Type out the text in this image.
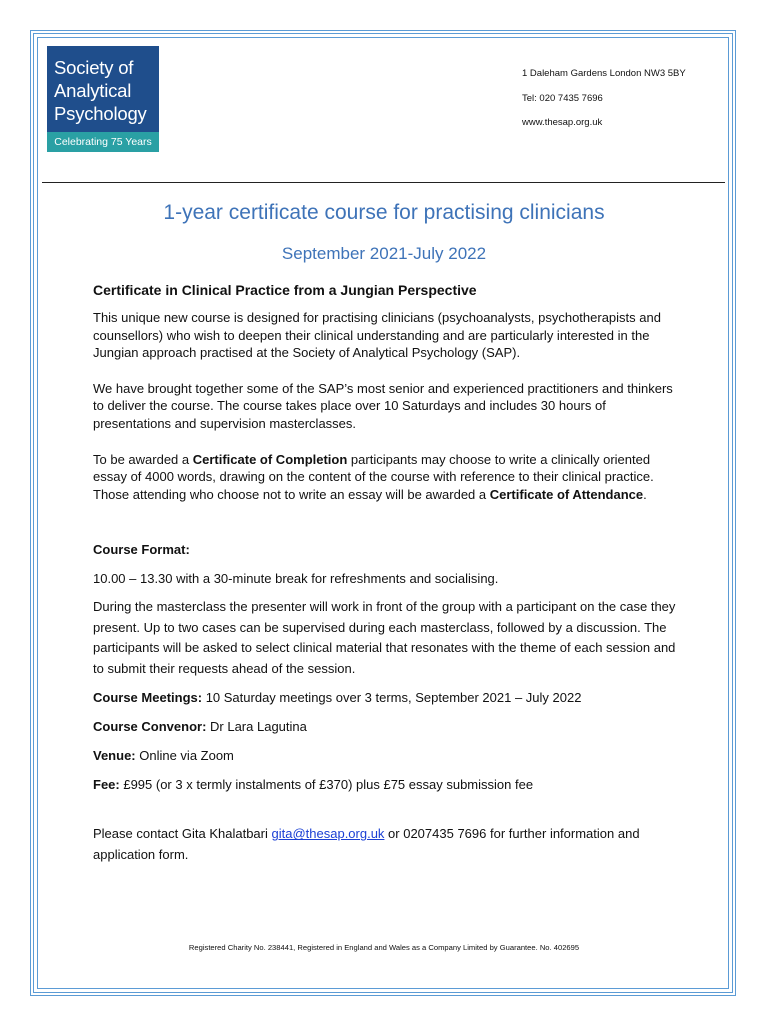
Society of
Analytical
Psychology
Celebrating 75 Years
1 Daleham Gardens London NW3 5BY
Tel: 020 7435 7696
www.thesap.org.uk
1-year certificate course for practising clinicians
September 2021-July 2022
Certificate in Clinical Practice from a Jungian Perspective

This unique new course is designed for practising clinicians (psychoanalysts, psychotherapists and counsellors) who wish to deepen their clinical understanding and are particularly interested in the Jungian approach practised at the Society of Analytical Psychology (SAP).

We have brought together some of the SAP’s most senior and experienced practitioners and thinkers to deliver the course. The course takes place over 10 Saturdays and includes 30 hours of presentations and supervision masterclasses.

To be awarded a Certificate of Completion participants may choose to write a clinically oriented essay of 4000 words, drawing on the content of the course with reference to their clinical practice. Those attending who choose not to write an essay will be awarded a Certificate of Attendance.

Course Format:

10.00 – 13.30 with a 30-minute break for refreshments and socialising.

During the masterclass the presenter will work in front of the group with a participant on the case they present. Up to two cases can be supervised during each masterclass, followed by a discussion. The participants will be asked to select clinical material that resonates with the theme of each session and to submit their requests ahead of the session.

Course Meetings: 10 Saturday meetings over 3 terms, September 2021 – July 2022

Course Convenor: Dr Lara Lagutina

Venue: Online via Zoom

Fee: £995 (or 3 x termly instalments of £370) plus £75 essay submission fee

Please contact Gita Khalatbari gita@thesap.org.uk or 0207435 7696 for further information and application form.

Registered Charity No. 238441, Registered in England and Wales as a Company Limited by Guarantee. No. 402695
